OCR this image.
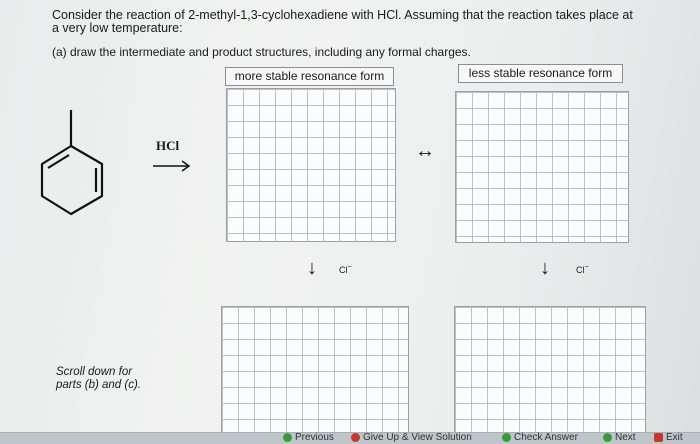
Consider the reaction of 2-methyl-1,3-cyclohexadiene with HCl. Assuming that the reaction takes place at
a very low temperature:
(a) draw the intermediate and product structures, including any formal charges.
more stable resonance form	less stable resonance form
HCl	↔
↓ Cl−	↓	Cl−
Scroll down for
parts (b) and (c).
Previous	Give Up & View Solution	Check Answer	Next	Exit
